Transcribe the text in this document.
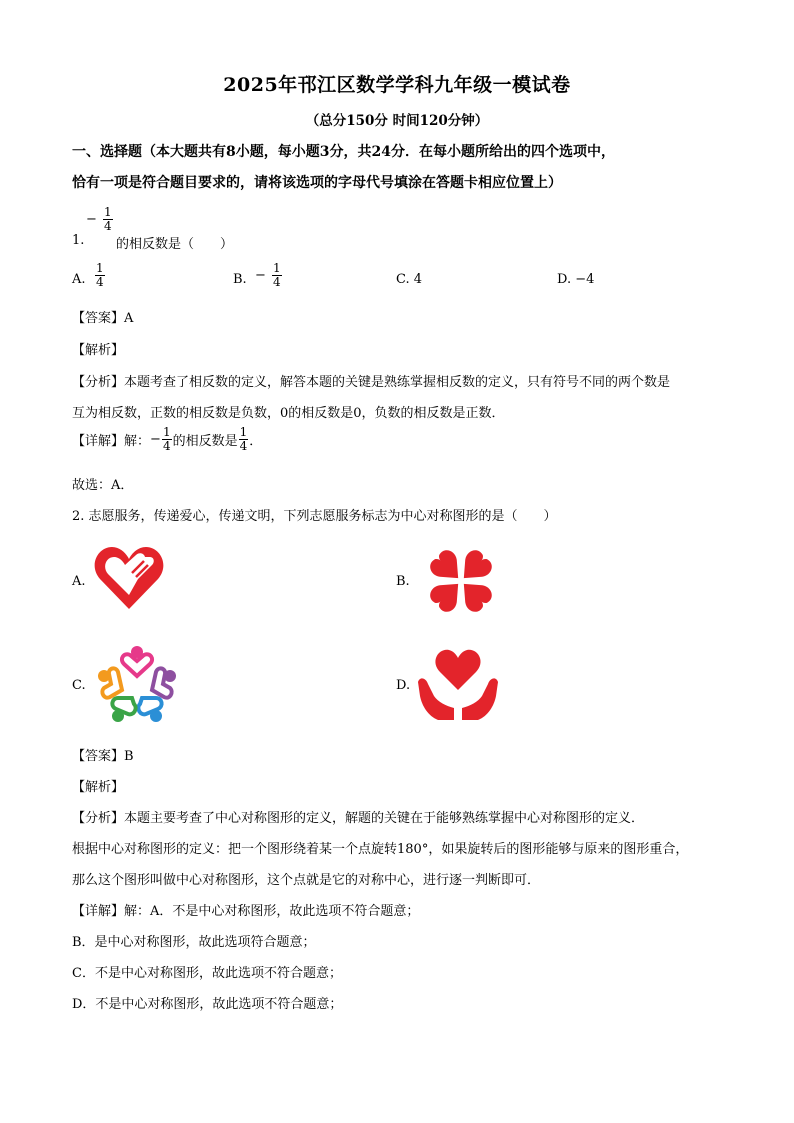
2025年邗江区数学学科九年级一模试卷
（总分150分 时间120分钟）
一、选择题（本大题共有8小题，每小题3分，共24分．在每小题所给出的四个选项中，
恰有一项是符合题目要求的，请将该选项的字母代号填涂在答题卡相应位置上）
− $\frac{1}{4}$
1. 的相反数是（　　）
A. $\frac{1}{4}$	B. − $\frac{1}{4}$	C. 4	D. −4
【答案】A
【解析】
【分析】本题考查了相反数的定义，解答本题的关键是熟练掌握相反数的定义，只有符号不同的两个数是
互为相反数，正数的相反数是负数，0的相反数是0，负数的相反数是正数．
【详解】 解： − $\frac{1}{4}$ 的相反数是 $\frac{1}{4}$ ．
故选：A．
2. 志愿服务，传递爱心，传递文明，下列志愿服务标志为中心对称图形的是（　　）
A.	B.
C.	D.
【答案】B
【解析】
【分析】本题主要考查了中心对称图形的定义，解题的关键在于能够熟练掌握中心对称图形的定义．
根据中心对称图形的定义：把一个图形绕着某一个点旋转180°，如果旋转后的图形能够与原来的图形重合，
那么这个图形叫做中心对称图形，这个点就是它的对称中心，进行逐一判断即可．
【详解】解：A．不是中心对称图形，故此选项不符合题意；
B．是中心对称图形，故此选项符合题意；
C．不是中心对称图形，故此选项不符合题意；
D．不是中心对称图形，故此选项不符合题意；
